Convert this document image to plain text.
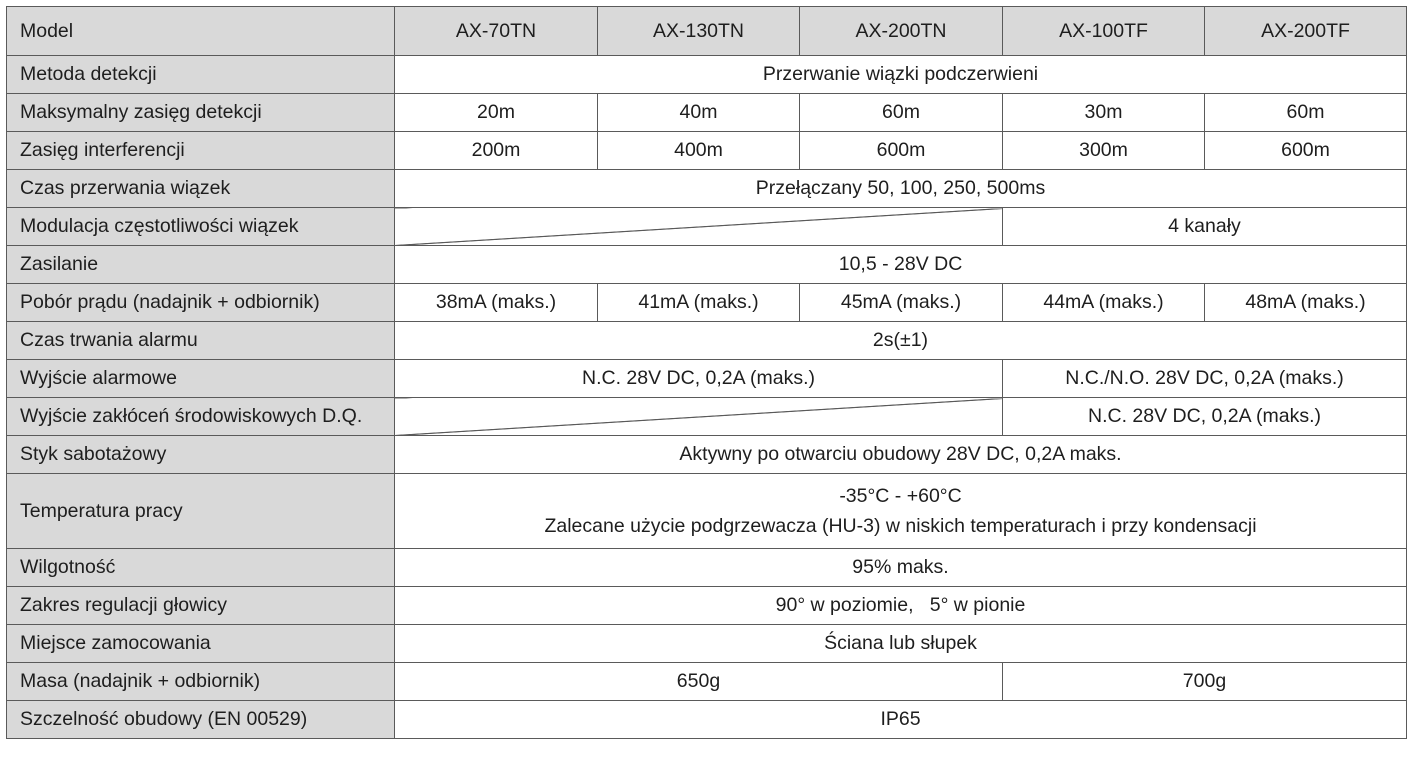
Model	AX-70TN	AX-130TN	AX-200TN	AX-100TF	AX-200TF
Metoda detekcji	Przerwanie wiązki podczerwieni				
Maksymalny zasięg detekcji	20m	40m	60m	30m	60m
Zasięg interferencji	200m	400m	600m	300m	600m
Czas przerwania wiązek	Przełączany 50, 100, 250, 500ms				
Modulacja częstotliwości wiązek				4 kanały	
Zasilanie	10,5 - 28V DC				
Pobór prądu (nadajnik + odbiornik)	38mA (maks.)	41mA (maks.)	45mA (maks.)	44mA (maks.)	48mA (maks.)
Czas trwania alarmu	2s(±1)				
Wyjście alarmowe	N.C. 28V DC, 0,2A (maks.)			N.C./N.O. 28V DC, 0,2A (maks.)	
Wyjście zakłóceń środowiskowych D.Q.				N.C. 28V DC, 0,2A (maks.)	
Styk sabotażowy	Aktywny po otwarciu obudowy 28V DC, 0,2A maks.				
Temperatura pracy	-35°C - +60°C
Zalecane użycie podgrzewacza (HU-3) w niskich temperaturach i przy kondensacji				

Wilgotność	95% maks.				
Zakres regulacji głowicy	90° w poziomie,   5° w pionie				
Miejsce zamocowania	Ściana lub słupek				
Masa (nadajnik + odbiornik)	650g			700g	
Szczelność obudowy (EN 00529)	IP65				
